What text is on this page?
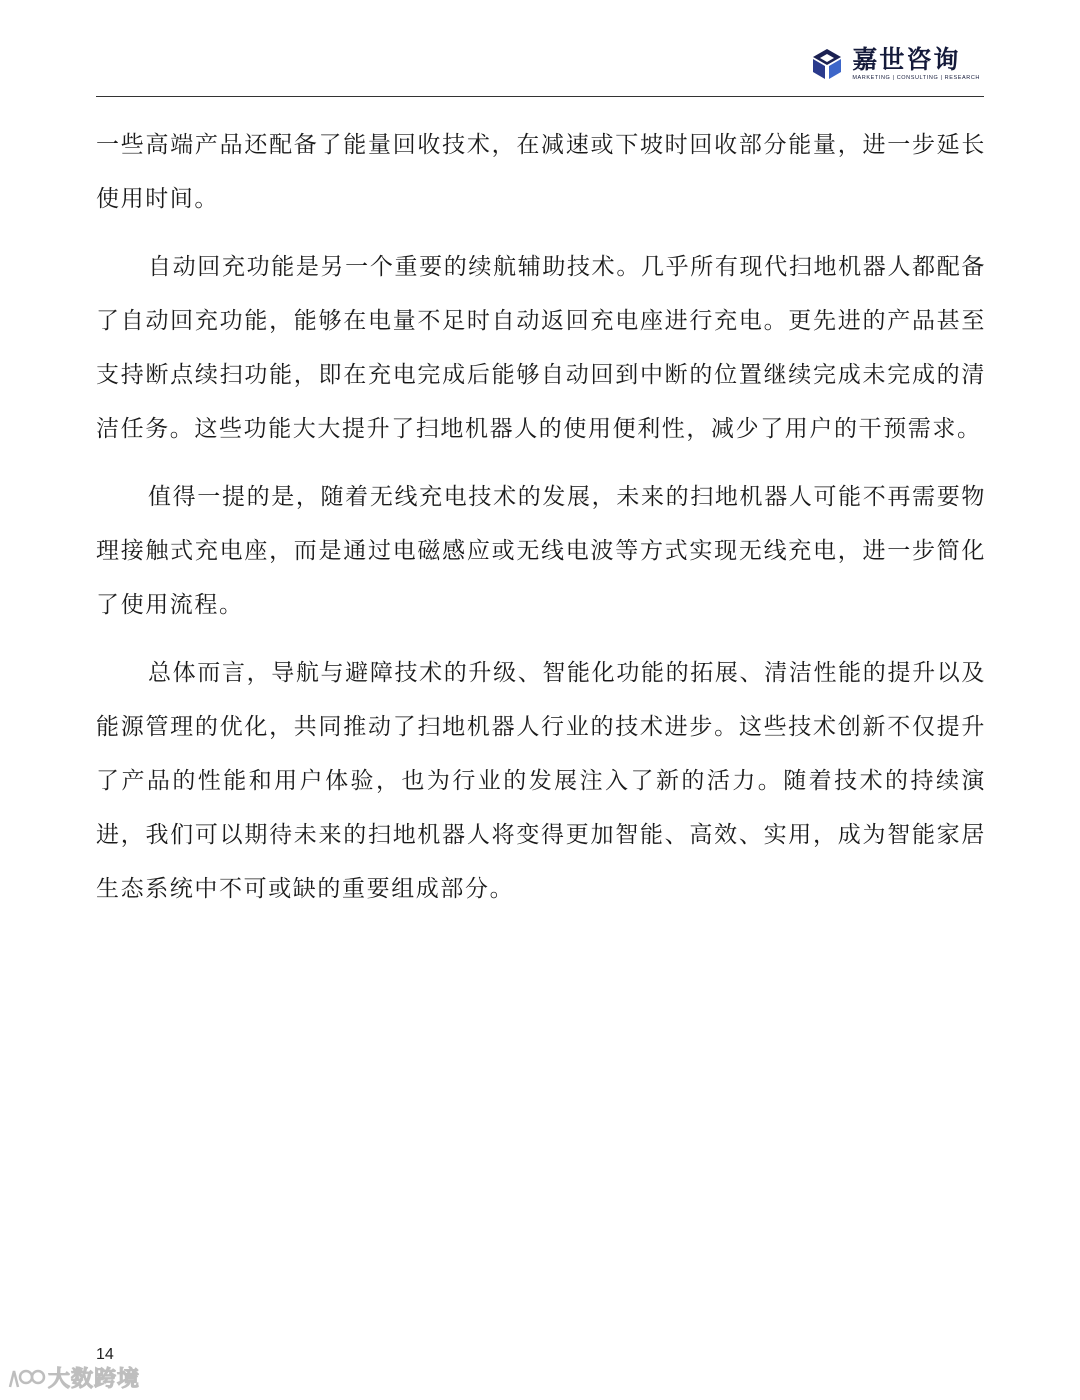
嘉世咨询
MARKETING | CONSULTING | RESEARCH

一些高端产品还配备了能量回收技术，在减速或下坡时回收部分能量，进一步延长使用时间。

自动回充功能是另一个重要的续航辅助技术。几乎所有现代扫地机器人都配备了自动回充功能，能够在电量不足时自动返回充电座进行充电。更先进的产品甚至支持断点续扫功能，即在充电完成后能够自动回到中断的位置继续完成未完成的清洁任务。这些功能大大提升了扫地机器人的使用便利性，减少了用户的干预需求。

值得一提的是，随着无线充电技术的发展，未来的扫地机器人可能不再需要物理接触式充电座，而是通过电磁感应或无线电波等方式实现无线充电，进一步简化了使用流程。

总体而言，导航与避障技术的升级、智能化功能的拓展、清洁性能的提升以及能源管理的优化，共同推动了扫地机器人行业的技术进步。这些技术创新不仅提升了产品的性能和用户体验，也为行业的发展注入了新的活力。随着技术的持续演进，我们可以期待未来的扫地机器人将变得更加智能、高效、实用，成为智能家居生态系统中不可或缺的重要组成部分。

14
大数跨境
